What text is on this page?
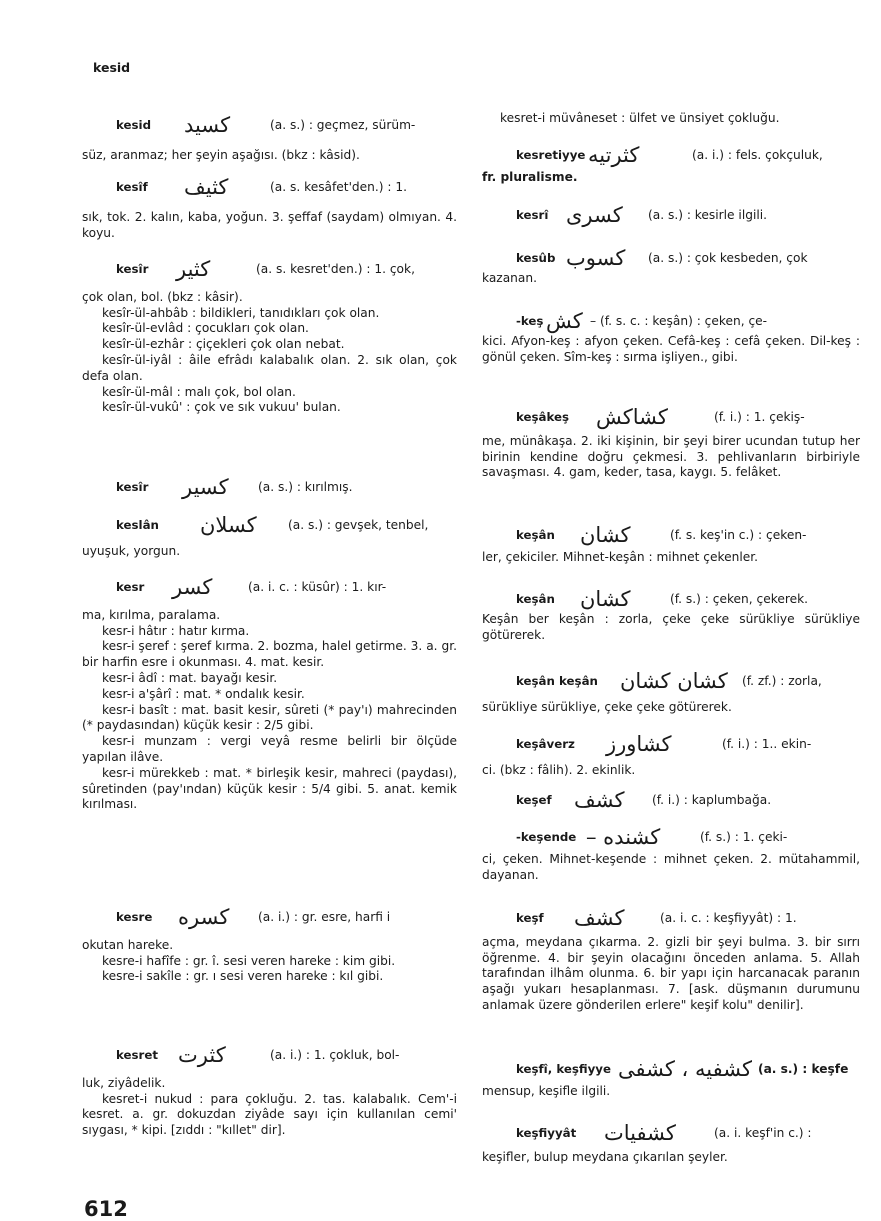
kesid
kesid	كسيد	(a. s.) : geçmez, sürüm-
süz, aranmaz; her şeyin aşağısı. (bkz : kâsid).
kesîf	كثيف	(a. s. kesâfet'den.) : 1.
sık, tok. 2. kalın, kaba, yoğun. 3. şeffaf (saydam) olmıyan. 4. koyu.
kesîr	كثير	(a. s. kesret'den.) : 1. çok,
çok olan, bol. (bkz : kâsir).
kesîr-ül-ahbâb : bildikleri, tanıdıkları çok olan.
kesîr-ül-evlâd : çocukları çok olan.
kesîr-ül-ezhâr : çiçekleri çok olan nebat.
kesîr-ül-iyâl : âile efrâdı kalabalık olan. 2. sık olan, çok defa olan.
kesîr-ül-mâl : malı çok, bol olan.
kesîr-ül-vukû' : çok ve sık vukuu' bulan.
kesîr	كسير	(a. s.) : kırılmış.
keslân	كسلان	(a. s.) : gevşek, tenbel,
uyuşuk, yorgun.
kesr	كسر	(a. i. c. : küsûr) : 1. kır-
ma, kırılma, paralama.
kesr-i hâtır : hatır kırma.
kesr-i şeref : şeref kırma. 2. bozma, halel getirme. 3. a. gr. bir harfin esre i okunması. 4. mat. kesir.
kesr-i âdî : mat. bayağı kesir.
kesr-i a'şârî : mat. * ondalık kesir.
kesr-i basît : mat. basit kesir, sûreti (* pay'ı) mahrecinden (* paydasından) küçük kesir : 2/5 gibi.
kesr-i munzam : vergi veyâ resme belirli bir ölçüde yapılan ilâve.
kesr-i mürekkeb : mat. * birleşik kesir, mahreci (paydası), sûretinden (pay'ından) küçük kesir : 5/4 gibi. 5. anat. kemik kırılması.
kesre	كسره	(a. i.) : gr. esre, harfi i
okutan hareke.
kesre-i hafîfe : gr. î. sesi veren hareke : kim gibi.
kesre-i sakîle : gr. ı sesi veren hareke : kıl gibi.
kesret كثرت	(a. i.) : 1. çokluk, bol-
luk, ziyâdelik.
kesret-i nukud : para çokluğu. 2. tas. kalabalık. Cem'-i kesret. a. gr. dokuzdan ziyâde sayı için kullanılan cemi' sıygası, * kipi. [zıddı : "kıllet" dir].
kesret-i müvâneset : ülfet ve ünsiyet çokluğu.
kesretiyye كثرتيه	(a. i.) : fels. çokçuluk,
fr. pluralisme.
kesrî كسرى	(a. s.) : kesirle ilgili.
kesûb كسوب	(a. s.) : çok kesbeden, çok
kazanan.
-keş كش – (f. s. c. : keşân) : çeken, çe-
kici. Afyon-keş : afyon çeken. Cefâ-keş : cefâ çeken. Dil-keş : gönül çeken. Sîm-keş : sırma işliyen., gibi.
keşâkeş	كشاكش	(f. i.) : 1. çekiş-
me, münâkaşa. 2. iki kişinin, bir şeyi birer ucundan tutup her birinin kendine doğru çekmesi. 3. pehlivanların birbiriyle savaşması. 4. gam, keder, tasa, kaygı. 5. felâket.
keşân	كشان	(f. s. keş'in c.) : çeken-
ler, çekiciler. Mihnet-keşân : mihnet çekenler.
keşân	كشان	(f. s.) : çeken, çekerek.
Keşân ber keşân : zorla, çeke çeke sürükliye sürükliye götürerek.
keşân keşân	كشان كشان	(f. zf.) : zorla,
sürükliye sürükliye, çeke çeke götürerek.
keşâverz	كشاورز	(f. i.) : 1.. ekin-
ci. (bkz : fâlih). 2. ekinlik.
keşef	كشف	(f. i.) : kaplumbağa.
-keşende كشنده –	(f. s.) : 1. çeki-
ci, çeken. Mihnet-keşende : mihnet çeken. 2. mütahammil, dayanan.
keşf	كشف	(a. i. c. : keşfiyyât) : 1.
açma, meydana çıkarma. 2. gizli bir şeyi bulma. 3. bir sırrı öğrenme. 4. bir şeyin olacağını önceden anlama. 5. Allah tarafından ilhâm olunma. 6. bir yapı için harcanacak paranın aşağı yukarı hesaplanması. 7. [ask. düşmanın durumunu anlamak üzere gönderilen erlere" keşif kolu" denilir].
keşfî, keşfiyye كشفيه ، كشفى (a. s.) : keşfe
mensup, keşifle ilgili.
keşfiyyât	كشفيات	(a. i. keşf'in c.) :
keşifler, bulup meydana çıkarılan şeyler.
612
